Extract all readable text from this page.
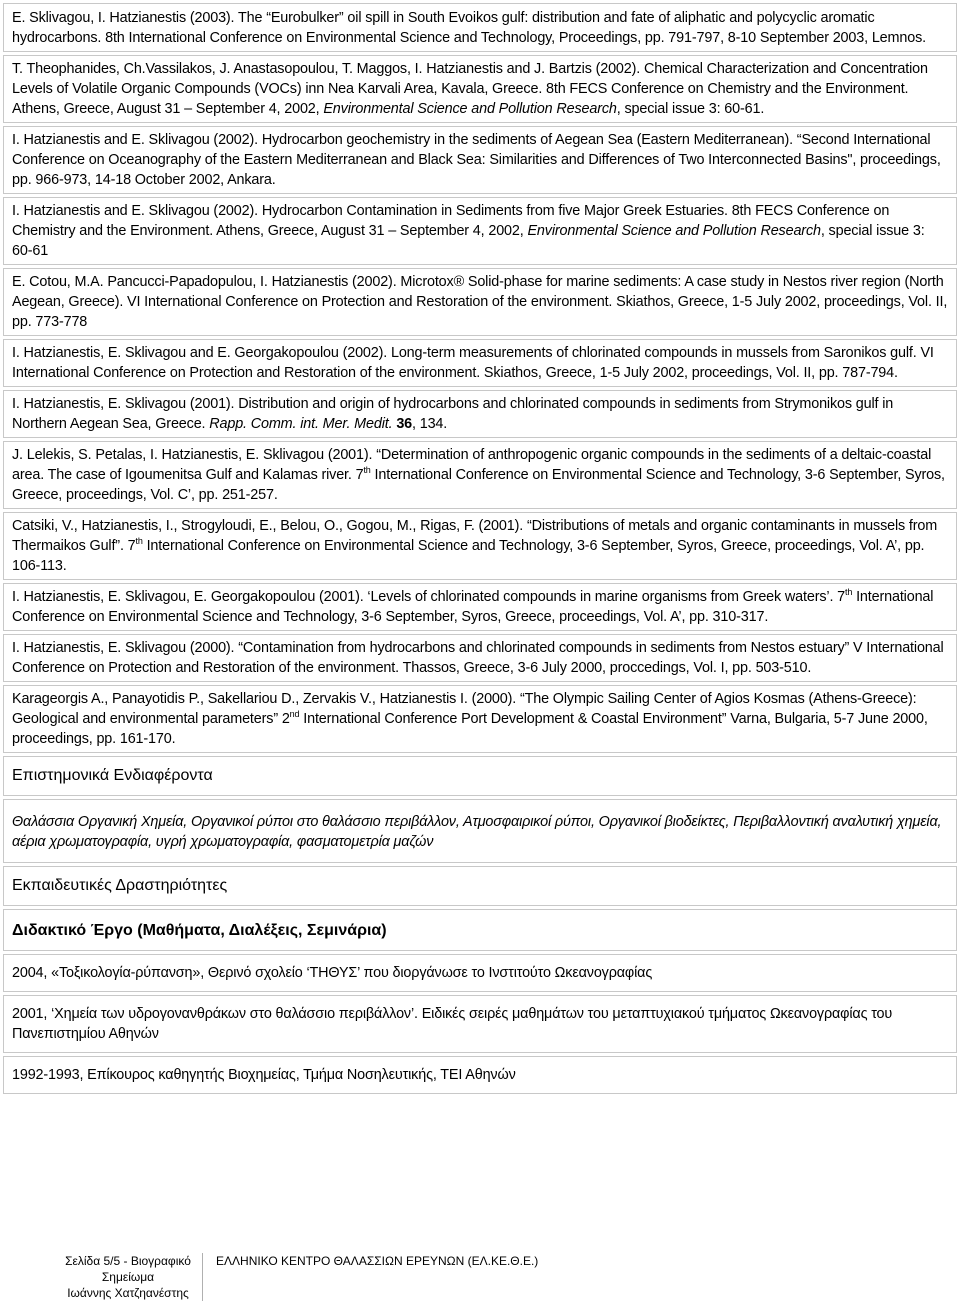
E. Sklivagou, I. Hatzianestis (2003). The “Eurobulker” oil spill in South Evoikos gulf: distribution and fate of aliphatic and polycyclic aromatic hydrocarbons. 8th International Conference on Environmental Science and Technology, Proceedings, pp. 791-797, 8-10 September 2003, Lemnos.

T. Theophanides, Ch.Vassilakos, J. Anastasopoulou, T. Maggos, I. Hatzianestis and J. Bartzis (2002). Chemical Characterization and Concentration Levels of Volatile Organic Compounds (VOCs) inn Nea Karvali Area, Kavala, Greece. 8th FECS Conference on Chemistry and the Environment. Athens, Greece, August 31 – September 4, 2002, Environmental Science and Pollution Research, special issue 3: 60-61.

I. Hatzianestis and E. Sklivagou (2002). Hydrocarbon geochemistry in the sediments of Aegean Sea (Eastern Mediterranean). “Second International Conference on Oceanography of the Eastern Mediterranean and Black Sea: Similarities and Differences of Two Interconnected Basins", proceedings, pp. 966-973, 14-18 October 2002, Ankara.

I. Hatzianestis and E. Sklivagou (2002). Hydrocarbon Contamination in Sediments from five Major Greek Estuaries. 8th FECS Conference on Chemistry and the Environment. Athens, Greece, August 31 – September 4, 2002, Environmental Science and Pollution Research, special issue 3: 60-61

E. Cotou, M.A. Pancucci-Papadopulou, I. Hatzianestis (2002). Microtox® Solid-phase for marine sediments: A case study in Nestos river region (North Aegean, Greece). VI International Conference on Protection and Restoration of the environment. Skiathos, Greece, 1-5 July 2002, proceedings, Vol. II, pp. 773-778

I. Hatzianestis, E. Sklivagou and E. Georgakopoulou (2002). Long-term measurements of chlorinated compounds in mussels from Saronikos gulf. VI International Conference on Protection and Restoration of the environment. Skiathos, Greece, 1-5 July 2002, proceedings, Vol. II, pp. 787-794.

I. Hatzianestis, E. Sklivagou (2001). Distribution and origin of hydrocarbons and chlorinated compounds in sediments from Strymonikos gulf in Northern Aegean Sea, Greece. Rapp. Comm. int. Mer. Medit. 36, 134.

J. Lelekis, S. Petalas, I. Hatzianestis, E. Sklivagou (2001). “Determination of anthropogenic organic compounds in the sediments of a deltaic-coastal area. The case of Igoumenitsa Gulf and Kalamas river. 7th International Conference on Environmental Science and Technology, 3-6 September, Syros, Greece, proceedings, Vol. C’, pp. 251-257.

Catsiki, V., Hatzianestis, I., Strogyloudi, E., Belou, O., Gogou, M., Rigas, F. (2001). “Distributions of metals and organic contaminants in mussels from Thermaikos Gulf”. 7th International Conference on Environmental Science and Technology, 3-6 September, Syros, Greece, proceedings, Vol. A’, pp. 106-113.

I. Hatzianestis, E. Sklivagou, E. Georgakopoulou (2001). ‘Levels of chlorinated compounds in marine organisms from Greek waters’. 7th International Conference on Environmental Science and Technology, 3-6 September, Syros, Greece, proceedings, Vol. A’, pp. 310-317.

I. Hatzianestis, E. Sklivagou (2000). “Contamination from hydrocarbons and chlorinated compounds in sediments from Nestos estuary” V International Conference on Protection and Restoration of the environment. Thassos, Greece, 3-6 July 2000, proccedings, Vol. I, pp. 503-510.

Karageorgis A., Panayotidis P., Sakellariou D., Zervakis V., Hatzianestis I. (2000). “The Olympic Sailing Center of Agios Kosmas (Athens-Greece): Geological and environmental parameters” 2nd International Conference Port Development & Coastal Environment” Varna, Bulgaria, 5-7 June 2000, proceedings, pp. 161-170.

Επιστημονικά Ενδιαφέροντα

Θαλάσσια Οργανική Χημεία, Οργανικοί ρύποι στο θαλάσσιο περιβάλλον, Ατμοσφαιρικοί ρύποι, Οργανικοί βιοδείκτες, Περιβαλλοντική αναλυτική χημεία, αέρια χρωματογραφία, υγρή χρωματογραφία, φασματομετρία μαζών

Εκπαιδευτικές Δραστηριότητες
Διδακτικό Έργο (Μαθήματα, Διαλέξεις, Σεμινάρια)

2004, «Τοξικολογία-ρύπανση», Θερινό σχολείο ‘ΤΗΘΥΣ’ που διοργάνωσε το Ινστιτούτο Ωκεανογραφίας

2001, ‘Χημεία των υδρογονανθράκων στο θαλάσσιο περιβάλλον’. Ειδικές σειρές μαθημάτων του μεταπτυχιακού τμήματος Ωκεανογραφίας του Πανεπιστημίου Αθηνών

1992-1993, Επίκουρος καθηγητής Βιοχημείας, Τμήμα Νοσηλευτικής, ΤΕΙ Αθηνών

Σελίδα 5/5 - Βιογραφικό
Σημείωμα
Ιωάννης Χατζηανέστης
ΕΛΛΗΝΙΚΟ ΚΕΝΤΡΟ ΘΑΛΑΣΣΙΩΝ ΕΡΕΥΝΩΝ (ΕΛ.ΚΕ.Θ.Ε.)
